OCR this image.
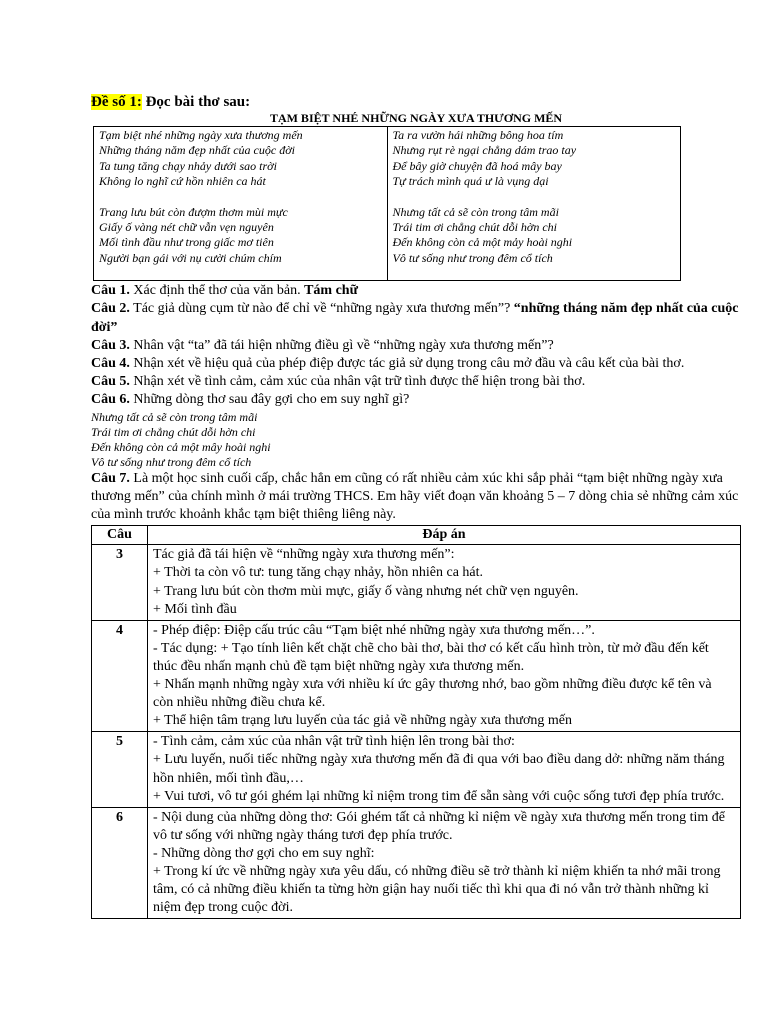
Đề số 1: Đọc bài thơ sau:
TẠM BIỆT NHÉ NHỮNG NGÀY XƯA THƯƠNG MẾN
Tạm biệt nhé những ngày xưa thương mến
Những tháng năm đẹp nhất của cuộc đời
Ta tung tăng chạy nhảy dưới sao trời
Không lo nghĩ cứ hồn nhiên ca hát
Trang lưu bút còn đượm thơm mùi mực
Giấy ố vàng nét chữ vẫn vẹn nguyên
Mối tình đầu như trong giấc mơ tiên
Người bạn gái với nụ cười chúm chím

Ta ra vườn hái những bông hoa tím
Nhưng rụt rè ngại chẳng dám trao tay
Để bây giờ chuyện đã hoá mây bay
Tự trách mình quá ư là vụng dại
Nhưng tất cả sẽ còn trong tâm mãi
Trái tim ơi chẳng chút dỗi hờn chi
Đến không còn cả một mảy hoài nghi
Vô tư sống như trong đêm cổ tích
Câu 1. Xác định thể thơ của văn bản. Tám chữ
Câu 2. Tác giả dùng cụm từ nào để chỉ về “những ngày xưa thương mến”? “những tháng năm đẹp nhất của cuộc đời”
Câu 3. Nhân vật “ta” đã tái hiện những điều gì về “những ngày xưa thương mến”?
Câu 4. Nhận xét về hiệu quả của phép điệp được tác giả sử dụng trong câu mở đầu và câu kết của bài thơ.
Câu 5. Nhận xét về tình cảm, cảm xúc của nhân vật trữ tình được thể hiện trong bài thơ.
Câu 6. Những dòng thơ sau đây gợi cho em suy nghĩ gì?
Nhưng tất cả sẽ còn trong tâm mãi
Trái tim ơi chẳng chút dỗi hờn chi
Đến không còn cả một mây hoài nghi
Vô tư sống như trong đêm cổ tích
Câu 7. Là một học sinh cuối cấp, chắc hẳn em cũng có rất nhiều cảm xúc khi sắp phải “tạm biệt những ngày xưa thương mến” của chính mình ở mái trường THCS. Em hãy viết đoạn văn khoảng 5 – 7 dòng chia sẻ những cảm xúc của mình trước khoảnh khắc tạm biệt thiêng liêng này.
Câu	Đáp án
3	Tác giả đã tái hiện về “những ngày xưa thương mến”:
+ Thời ta còn vô tư: tung tăng chạy nhảy, hồn nhiên ca hát.
+ Trang lưu bút còn thơm mùi mực, giấy ố vàng nhưng nét chữ vẹn nguyên.
+ Mối tình đầu

4	- Phép điệp: Điệp cấu trúc câu “Tạm biệt nhé những ngày xưa thương mến…”.
- Tác dụng: + Tạo tính liên kết chặt chẽ cho bài thơ, bài thơ có kết cấu hình tròn, từ mở đầu đến kết thúc đều nhấn mạnh chủ đề tạm biệt những ngày xưa thương mến.
+ Nhấn mạnh những ngày xưa với nhiều kí ức gây thương nhớ, bao gồm những điều được kể tên và còn nhiều những điều chưa kể.
+ Thể hiện tâm trạng lưu luyến của tác giả về những ngày xưa thương mến

5	- Tình cảm, cảm xúc của nhân vật trữ tình hiện lên trong bài thơ:
+ Lưu luyến, nuối tiếc những ngày xưa thương mến đã đi qua với bao điều dang dở: những năm tháng hồn nhiên, mối tình đầu,…
+ Vui tươi, vô tư gói ghém lại những kỉ niệm trong tim để sẵn sàng với cuộc sống tươi đẹp phía trước.

6	- Nội dung của những dòng thơ: Gói ghém tất cả những kỉ niệm về ngày xưa thương mến trong tim để vô tư sống với những ngày tháng tươi đẹp phía trước.
- Những dòng thơ gợi cho em suy nghĩ:
+ Trong kí ức về những ngày xưa yêu dấu, có những điều sẽ trở thành kỉ niệm khiến ta nhớ mãi trong tâm, có cả những điều khiến ta từng hờn giận hay nuối tiếc thì khi qua đi nó vẫn trở thành những kỉ niệm đẹp trong cuộc đời.
